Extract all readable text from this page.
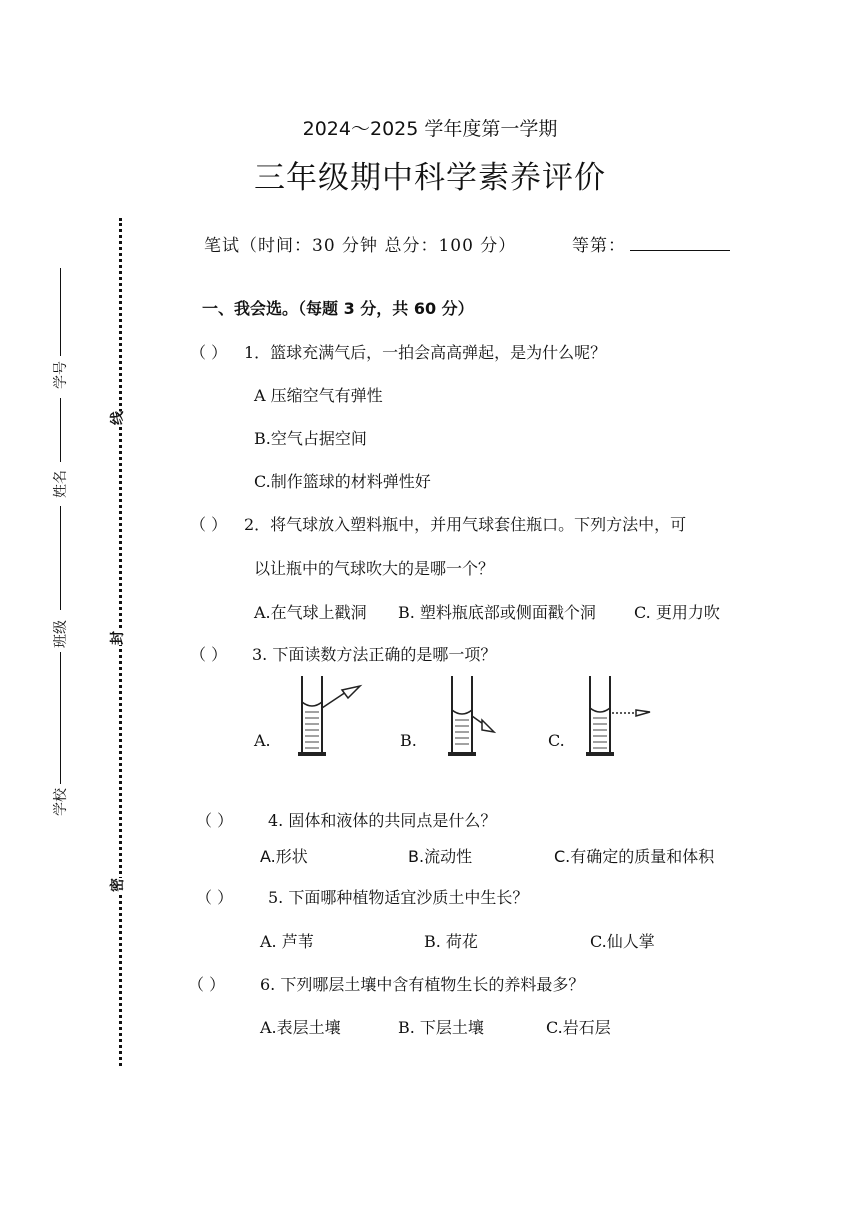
2024～2025 学年度第一学期
三年级期中科学素养评价
笔试（时间：30 分钟 总分：100 分）	等第：
线
封
密
学号
姓名
班级
学校
一、我会选。（每题 3 分，共 60 分）
（ ） 1．篮球充满气后，一拍会高高弹起，是为什么呢？
A 压缩空气有弹性
B.空气占据空间
C.制作篮球的材料弹性好
（ ） 2．将气球放入塑料瓶中，并用气球套住瓶口。下列方法中，可
以让瓶中的气球吹大的是哪一个？
A.在气球上戳洞 B. 塑料瓶底部或侧面戳个洞 C. 更用力吹
（ ） 3. 下面读数方法正确的是哪一项？
A.	B.	C.
（ ） 4. 固体和液体的共同点是什么？
A.形状	B.流动性	C.有确定的质量和体积
（ ） 5. 下面哪种植物适宜沙质土中生长？
A. 芦苇	B. 荷花	C.仙人掌
（ ） 6. 下列哪层土壤中含有植物生长的养料最多？
A.表层土壤	B. 下层土壤	C.岩石层
